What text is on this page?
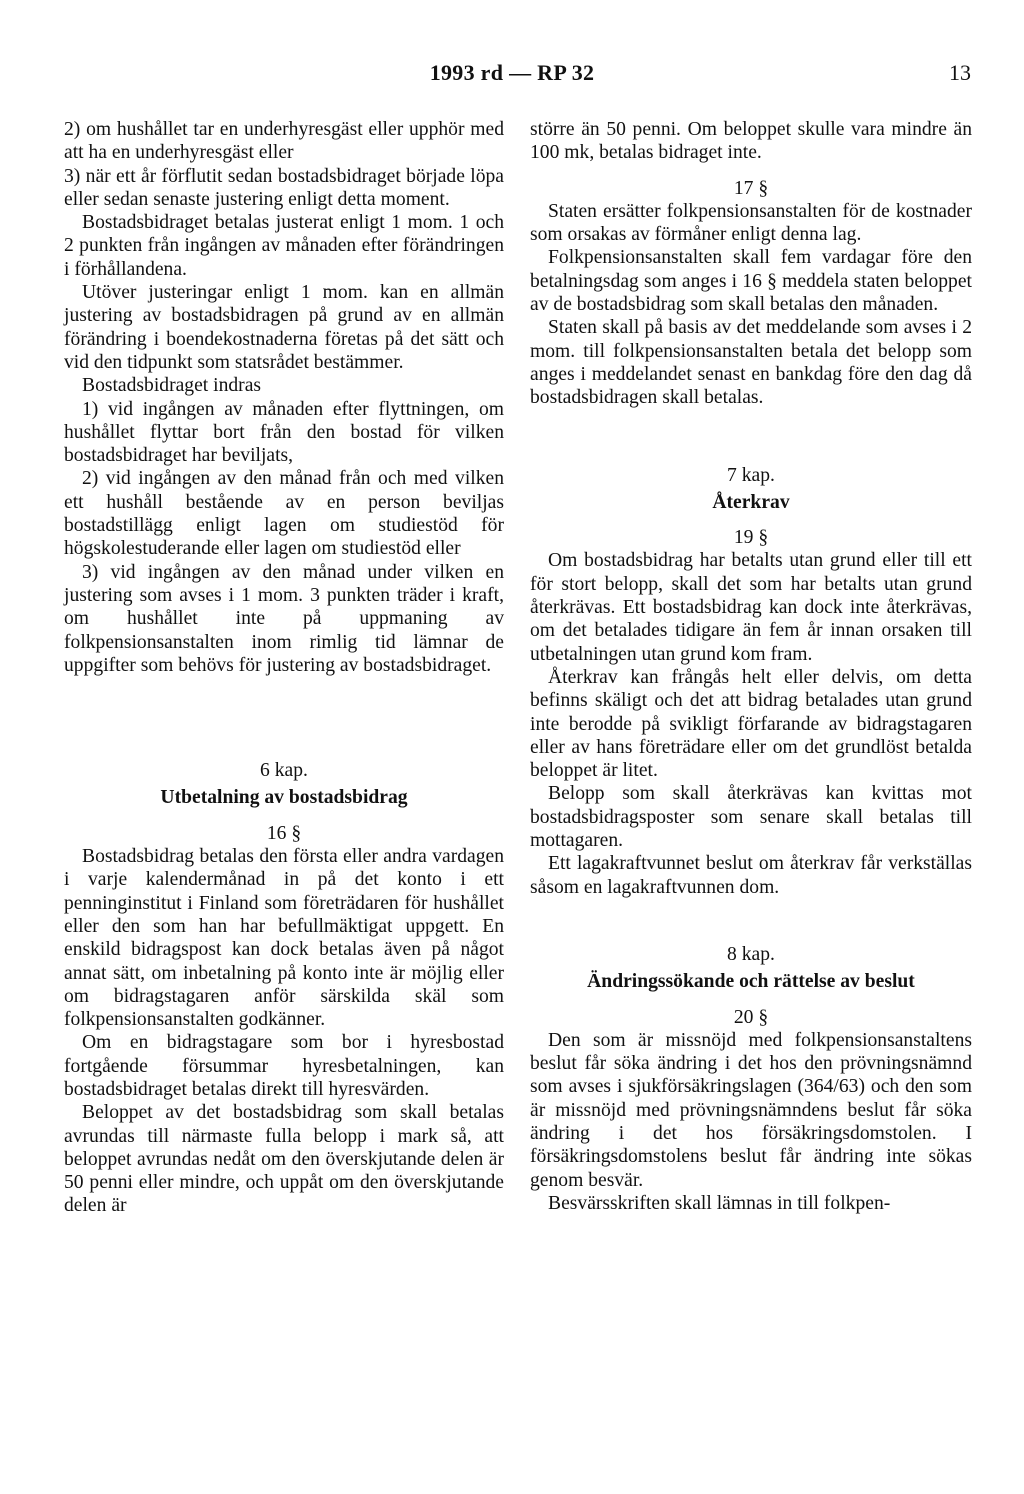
1993 rd — RP 32	13

2) om hushållet tar en underhyresgäst eller upphör med att ha en underhyresgäst eller

3) när ett år förflutit sedan bostadsbidraget började löpa eller sedan senaste justering enligt detta moment.

Bostadsbidraget betalas justerat enligt 1 mom. 1 och 2 punkten från ingången av månaden efter förändringen i förhållandena.

Utöver justeringar enligt 1 mom. kan en allmän justering av bostadsbidragen på grund av en allmän förändring i boendekostnaderna företas på det sätt och vid den tidpunkt som statsrådet bestämmer.

Bostadsbidraget indras

1) vid ingången av månaden efter flyttningen, om hushållet flyttar bort från den bostad för vilken bostadsbidraget har beviljats,

2) vid ingången av den månad från och med vilken ett hushåll bestående av en person beviljas bostadstillägg enligt lagen om studiestöd för högskolestuderande eller lagen om studiestöd eller

3) vid ingången av den månad under vilken en justering som avses i 1 mom. 3 punkten träder i kraft, om hushållet inte på uppmaning av folkpensionsanstalten inom rimlig tid lämnar de uppgifter som behövs för justering av bostadsbidraget.

6 kap.

Utbetalning av bostadsbidrag

16 §

Bostadsbidrag betalas den första eller andra vardagen i varje kalendermånad in på det konto i ett penninginstitut i Finland som företrädaren för hushållet eller den som han har befullmäktigat uppgett. En enskild bidragspost kan dock betalas även på något annat sätt, om inbetalning på konto inte är möjlig eller om bidragstagaren anför särskilda skäl som folkpensionsanstalten godkänner.

Om en bidragstagare som bor i hyresbostad fortgående försummar hyresbetalningen, kan bostadsbidraget betalas direkt till hyresvärden.

Beloppet av det bostadsbidrag som skall betalas avrundas till närmaste fulla belopp i mark så, att beloppet avrundas nedåt om den överskjutande delen är 50 penni eller mindre, och uppåt om den överskjutande delen är

större än 50 penni. Om beloppet skulle vara mindre än 100 mk, betalas bidraget inte.

17 §

Staten ersätter folkpensionsanstalten för de kostnader som orsakas av förmåner enligt denna lag.

Folkpensionsanstalten skall fem vardagar före den betalningsdag som anges i 16 § meddela staten beloppet av de bostadsbidrag som skall betalas den månaden.

Staten skall på basis av det meddelande som avses i 2 mom. till folkpensionsanstalten betala det belopp som anges i meddelandet senast en bankdag före den dag då bostadsbidragen skall betalas.

7 kap.

Återkrav

19 §

Om bostadsbidrag har betalts utan grund eller till ett för stort belopp, skall det som har betalts utan grund återkrävas. Ett bostadsbidrag kan dock inte återkrävas, om det betalades tidigare än fem år innan orsaken till utbetalningen utan grund kom fram.

Återkrav kan frångås helt eller delvis, om detta befinns skäligt och det att bidrag betalades utan grund inte berodde på svikligt förfarande av bidragstagaren eller av hans företrädare eller om det grundlöst betalda beloppet är litet.

Belopp som skall återkrävas kan kvittas mot bostadsbidragsposter som senare skall betalas till mottagaren.

Ett lagakraftvunnet beslut om återkrav får verkställas såsom en lagakraftvunnen dom.

8 kap.

Ändringssökande och rättelse av beslut

20 §

Den som är missnöjd med folkpensionsanstaltens beslut får söka ändring i det hos den prövningsnämnd som avses i sjukförsäkringslagen (364/63) och den som är missnöjd med prövningsnämndens beslut får söka ändring i det hos försäkringsdomstolen. I försäkringsdomstolens beslut får ändring inte sökas genom besvär.

Besvärsskriften skall lämnas in till folkpen-
